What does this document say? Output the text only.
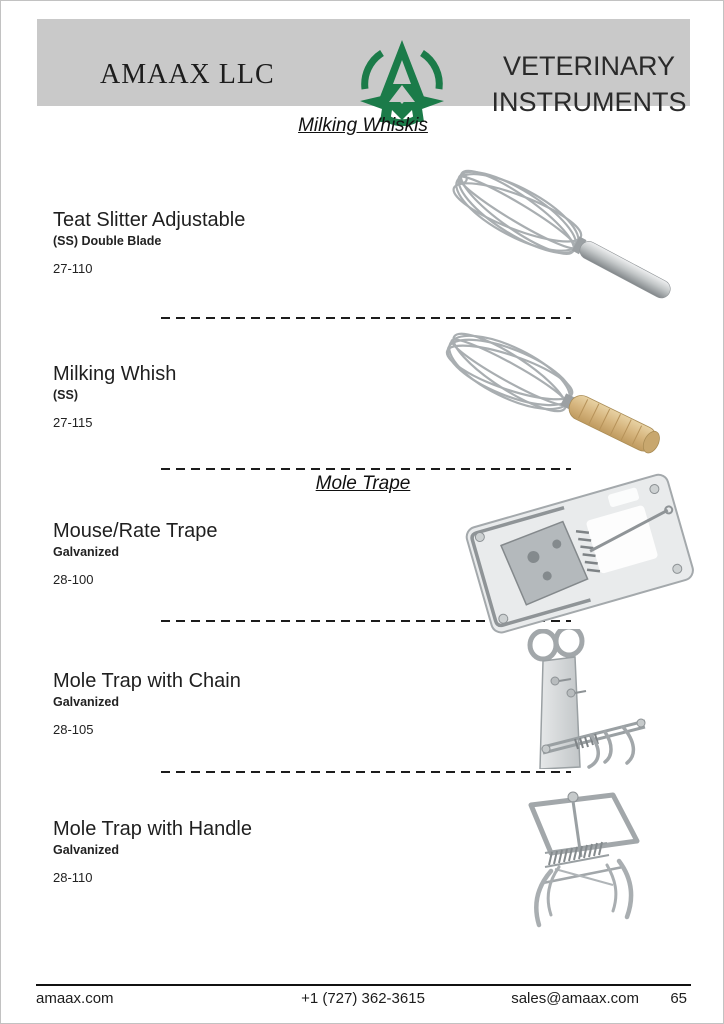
AMAAX LLC	VETERINARY
INSTRUMENTS
Milking Whiskis
Mole Trape
Teat Slitter Adjustable
(SS) Double Blade
27-110
Milking Whish
(SS)
27-115
Mouse/Rate Trape
Galvanized
28-100
Mole Trap with Chain
Galvanized
28-105
Mole Trap with Handle
Galvanized
28-110
amaax.com	+1 (727) 362-3615	sales@amaax.com 65
